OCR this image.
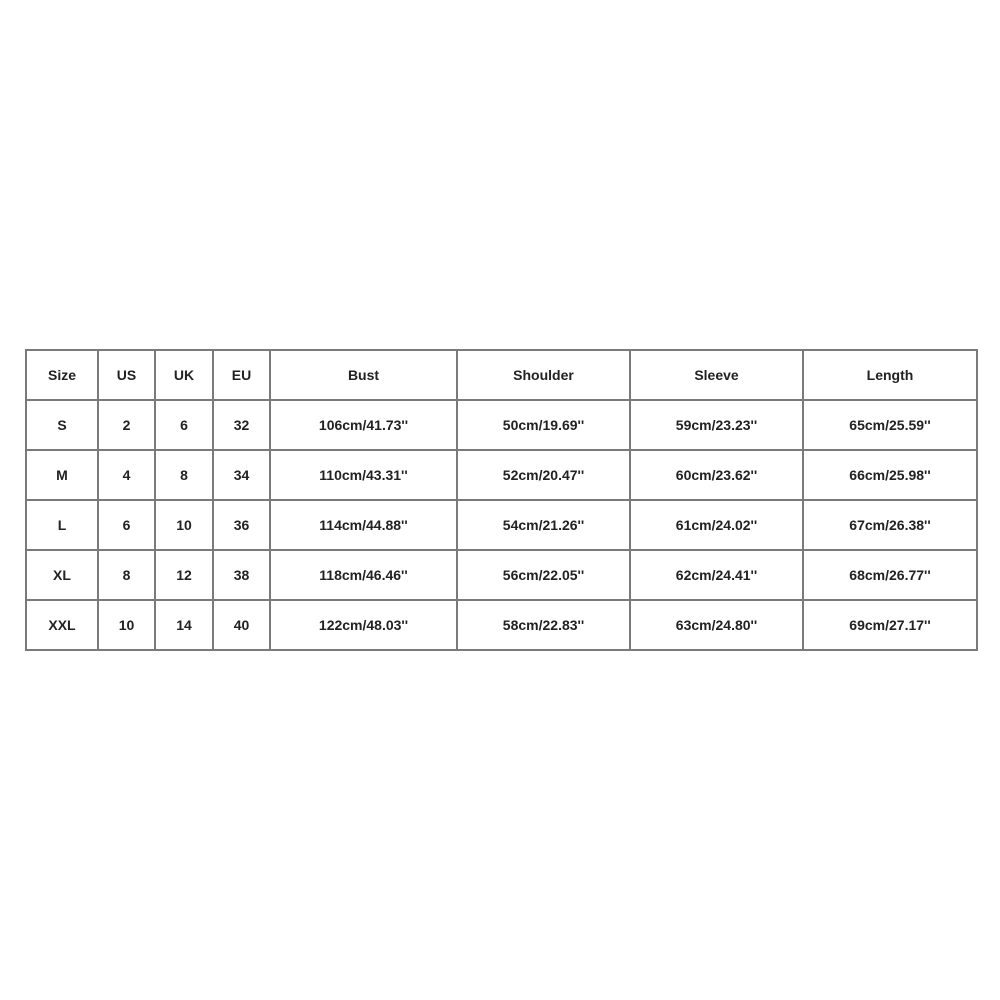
Size	US	UK	EU	Bust	Shoulder	Sleeve	Length
S	2	6	32	106cm/41.73''	50cm/19.69''	59cm/23.23''	65cm/25.59''
M	4	8	34	110cm/43.31''	52cm/20.47''	60cm/23.62''	66cm/25.98''
L	6	10	36	114cm/44.88''	54cm/21.26''	61cm/24.02''	67cm/26.38''
XL	8	12	38	118cm/46.46''	56cm/22.05''	62cm/24.41''	68cm/26.77''
XXL	10	14	40	122cm/48.03''	58cm/22.83''	63cm/24.80''	69cm/27.17''
